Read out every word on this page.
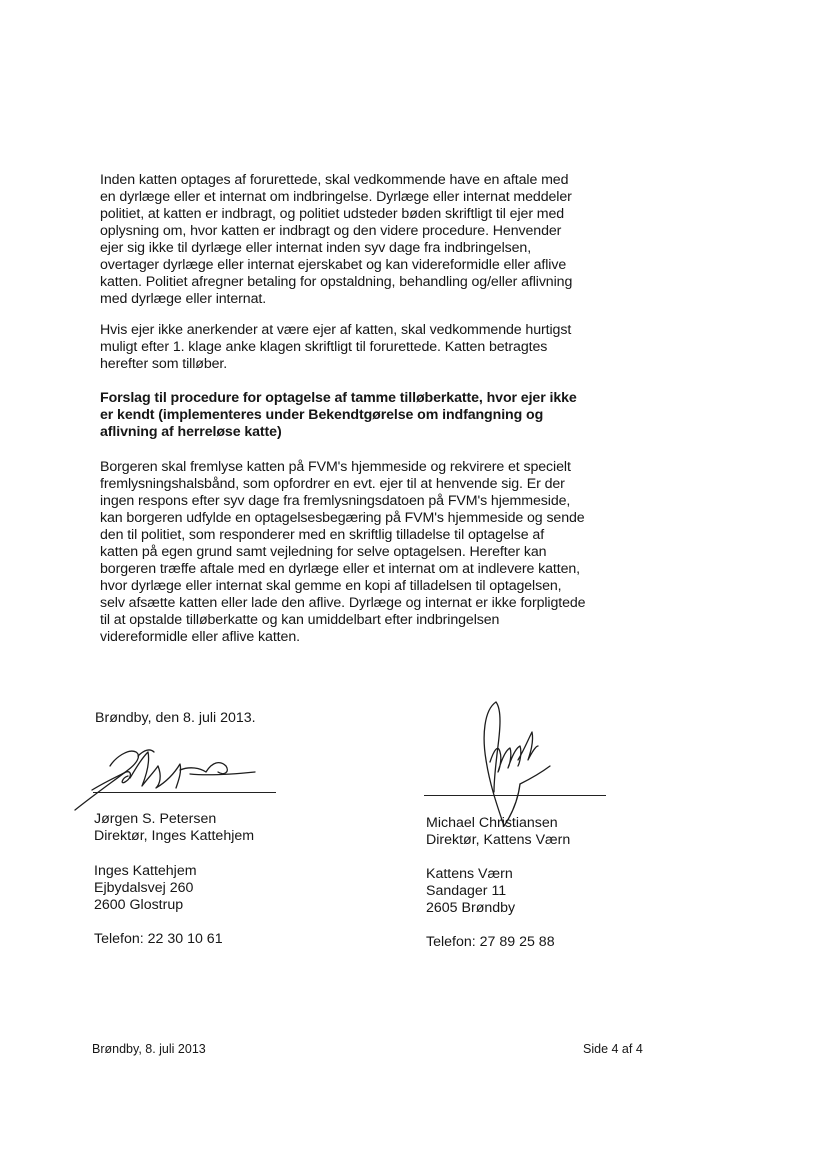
Inden katten optages af forurettede, skal vedkommende have en aftale med
en dyrlæge eller et internat om indbringelse. Dyrlæge eller internat meddeler
politiet, at katten er indbragt, og politiet udsteder bøden skriftligt til ejer med
oplysning om, hvor katten er indbragt og den videre procedure. Henvender
ejer sig ikke til dyrlæge eller internat inden syv dage fra indbringelsen,
overtager dyrlæge eller internat ejerskabet og kan videreformidle eller aflive
katten. Politiet afregner betaling for opstaldning, behandling og/eller aflivning
med dyrlæge eller internat.

Hvis ejer ikke anerkender at være ejer af katten, skal vedkommende hurtigst
muligt efter 1. klage anke klagen skriftligt til forurettede. Katten betragtes
herefter som tilløber.

Forslag til procedure for optagelse af tamme tilløberkatte, hvor ejer ikke
er kendt (implementeres under Bekendtgørelse om indfangning og
aflivning af herreløse katte)

Borgeren skal fremlyse katten på FVM's hjemmeside og rekvirere et specielt
fremlysningshalsbånd, som opfordrer en evt. ejer til at henvende sig. Er der
ingen respons efter syv dage fra fremlysningsdatoen på FVM's hjemmeside,
kan borgeren udfylde en optagelsesbegæring på FVM's hjemmeside og sende
den til politiet, som responderer med en skriftlig tilladelse til optagelse af
katten på egen grund samt vejledning for selve optagelsen. Herefter kan
borgeren træffe aftale med en dyrlæge eller et internat om at indlevere katten,
hvor dyrlæge eller internat skal gemme en kopi af tilladelsen til optagelsen,
selv afsætte katten eller lade den aflive. Dyrlæge og internat er ikke forpligtede
til at opstalde tilløberkatte og kan umiddelbart efter indbringelsen
videreformidle eller aflive katten.

Brøndby, den 8. juli 2013.
Jørgen S. Petersen
Direktør, Inges Kattehjem
Inges Kattehjem
Ejbydalsvej 260
2600 Glostrup
Telefon: 22 30 10 61
Michael Christiansen
Direktør, Kattens Værn
Kattens Værn
Sandager 11
2605 Brøndby
Telefon: 27 89 25 88
Brøndby, 8. juli 2013	Side 4 af 4
